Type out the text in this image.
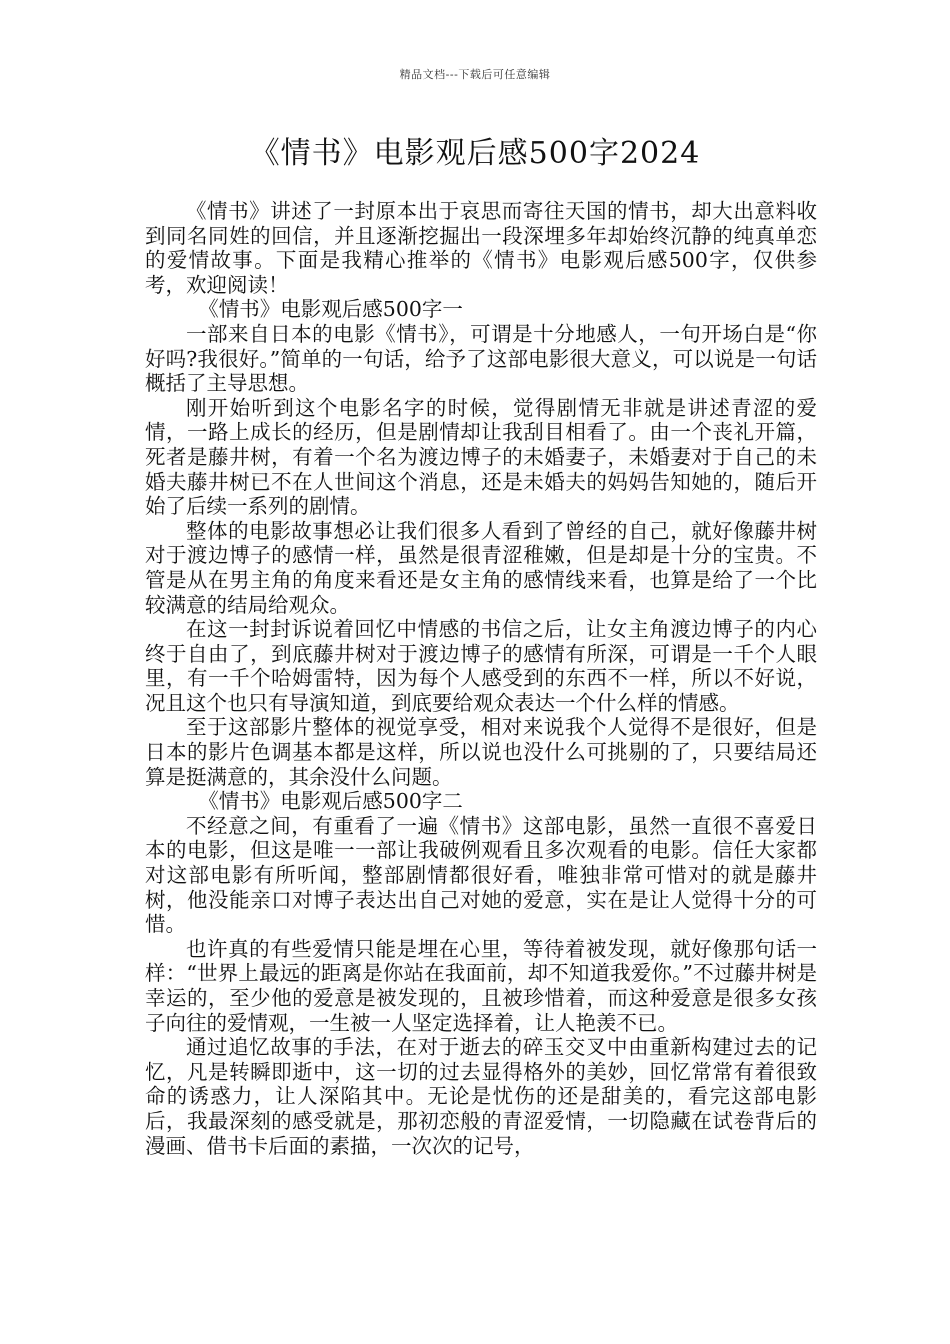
精品文档---下载后可任意编辑
《情书》电影观后感500字2024

《情书》讲述了一封原本出于哀思而寄往天国的情书，却大出意料收到同名同姓的回信，并且逐渐挖掘出一段深埋多年却始终沉静的纯真单恋的爱情故事。下面是我精心推举的《情书》电影观后感500字，仅供参考，欢迎阅读！

《情书》电影观后感500字一

一部来自日本的电影《情书》，可谓是十分地感人，一句开场白是“你好吗?我很好。”简单的一句话，给予了这部电影很大意义，可以说是一句话概括了主导思想。

刚开始听到这个电影名字的时候，觉得剧情无非就是讲述青涩的爱情，一路上成长的经历，但是剧情却让我刮目相看了。由一个丧礼开篇，死者是藤井树，有着一个名为渡边博子的未婚妻子，未婚妻对于自己的未婚夫藤井树已不在人世间这个消息，还是未婚夫的妈妈告知她的，随后开始了后续一系列的剧情。

整体的电影故事想必让我们很多人看到了曾经的自己，就好像藤井树对于渡边博子的感情一样，虽然是很青涩稚嫩，但是却是十分的宝贵。不管是从在男主角的角度来看还是女主角的感情线来看，也算是给了一个比较满意的结局给观众。

在这一封封诉说着回忆中情感的书信之后，让女主角渡边博子的内心终于自由了，到底藤井树对于渡边博子的感情有所深，可谓是一千个人眼里，有一千个哈姆雷特，因为每个人感受到的东西不一样，所以不好说，况且这个也只有导演知道，到底要给观众表达一个什么样的情感。

至于这部影片整体的视觉享受，相对来说我个人觉得不是很好，但是日本的影片色调基本都是这样，所以说也没什么可挑剔的了，只要结局还算是挺满意的，其余没什么问题。

《情书》电影观后感500字二

不经意之间，有重看了一遍《情书》这部电影，虽然一直很不喜爱日本的电影，但这是唯一一部让我破例观看且多次观看的电影。信任大家都对这部电影有所听闻，整部剧情都很好看，唯独非常可惜对的就是藤井树，他没能亲口对博子表达出自己对她的爱意，实在是让人觉得十分的可惜。

也许真的有些爱情只能是埋在心里，等待着被发现，就好像那句话一样：“世界上最远的距离是你站在我面前，却不知道我爱你。”不过藤井树是幸运的，至少他的爱意是被发现的，且被珍惜着，而这种爱意是很多女孩子向往的爱情观，一生被一人坚定选择着，让人艳羡不已。

通过追忆故事的手法，在对于逝去的碎玉交叉中由重新构建过去的记忆，凡是转瞬即逝中，这一切的过去显得格外的美妙，回忆常常有着很致命的诱惑力，让人深陷其中。无论是忧伤的还是甜美的，看完这部电影后，我最深刻的感受就是，那初恋般的青涩爱情，一切隐藏在试卷背后的漫画、借书卡后面的素描，一次次的记号，
